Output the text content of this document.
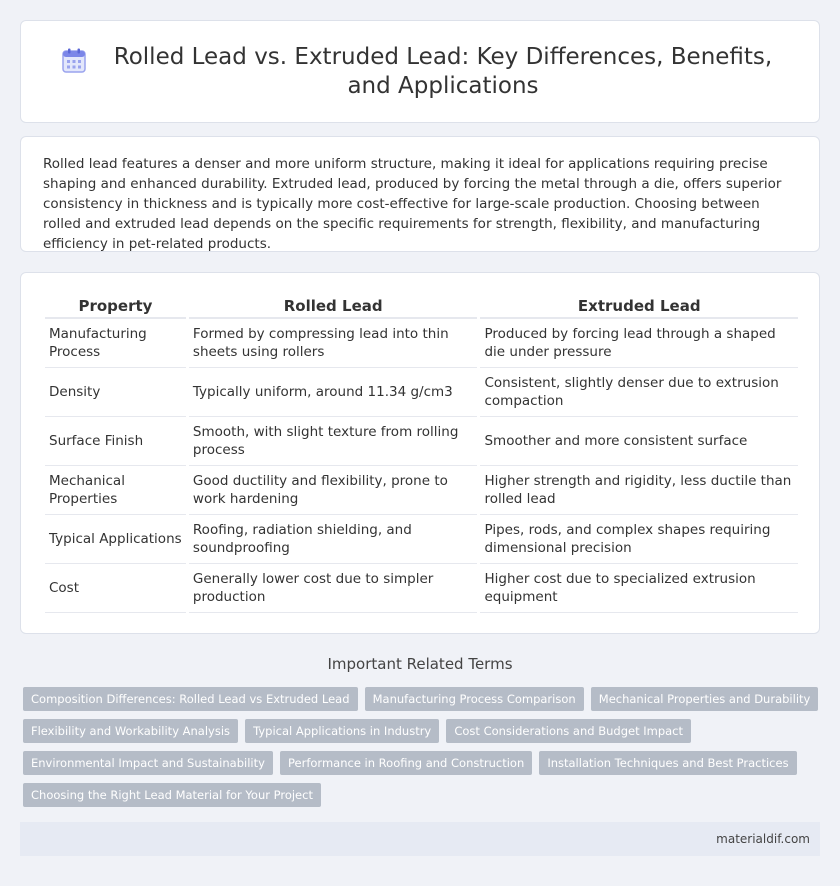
Rolled Lead vs. Extruded Lead: Key Differences, Benefits, and Applications

Rolled lead features a denser and more uniform structure, making it ideal for applications requiring precise shaping and enhanced durability. Extruded lead, produced by forcing the metal through a die, offers superior consistency in thickness and is typically more cost-effective for large-scale production. Choosing between rolled and extruded lead depends on the specific requirements for strength, flexibility, and manufacturing efficiency in pet-related products.

Property	Rolled Lead	Extruded Lead
Manufacturing Process	Formed by compressing lead into thin sheets using rollers	Produced by forcing lead through a shaped die under pressure
Density	Typically uniform, around 11.34 g/cm3	Consistent, slightly denser due to extrusion compaction
Surface Finish	Smooth, with slight texture from rolling process	Smoother and more consistent surface
Mechanical Properties	Good ductility and flexibility, prone to work hardening	Higher strength and rigidity, less ductile than rolled lead
Typical Applications	Roofing, radiation shielding, and soundproofing	Pipes, rods, and complex shapes requiring dimensional precision
Cost	Generally lower cost due to simpler production	Higher cost due to specialized extrusion equipment
Important Related Terms
Composition Differences: Rolled Lead vs Extruded Lead Manufacturing Process Comparison Mechanical Properties and Durability Flexibility and Workability Analysis Typical Applications in Industry Cost Considerations and Budget Impact Environmental Impact and Sustainability Performance in Roofing and Construction Installation Techniques and Best Practices Choosing the Right Lead Material for Your Project
materialdif.com
